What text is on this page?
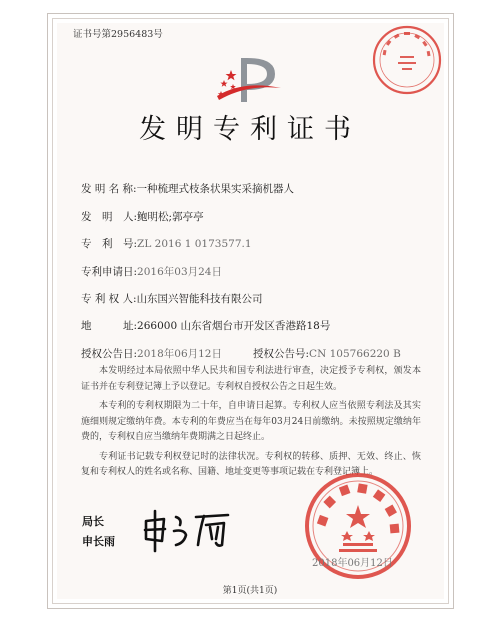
证书号第2956483号
发明专利证书
发 明 名 称:一种梳理式枝条状果实采摘机器人
发　明　人:鲍明松;郭亭亭
专　利　号:ZL 2016 1 0173577.1
专利申请日:2016年03月24日
专 利 权 人:山东国兴智能科技有限公司
地　　　址:266000 山东省烟台市开发区香港路18号
授权公告日:2018年06月12日	授权公告号:CN 105766220 B

本发明经过本局依照中华人民共和国专利法进行审查，决定授予专利权，颁发本证书并在专利登记簿上予以登记。专利权自授权公告之日起生效。

本专利的专利权期限为二十年，自申请日起算。专利权人应当依照专利法及其实施细则规定缴纳年费。本专利的年费应当在每年03月24日前缴纳。未按照规定缴纳年费的，专利权自应当缴纳年费期满之日起终止。

专利证书记载专利权登记时的法律状况。专利权的转移、质押、无效、终止、恢复和专利权人的姓名或名称、国籍、地址变更等事项记载在专利登记簿上。

局长
申长雨
2018年06月12日
第1页(共1页)
